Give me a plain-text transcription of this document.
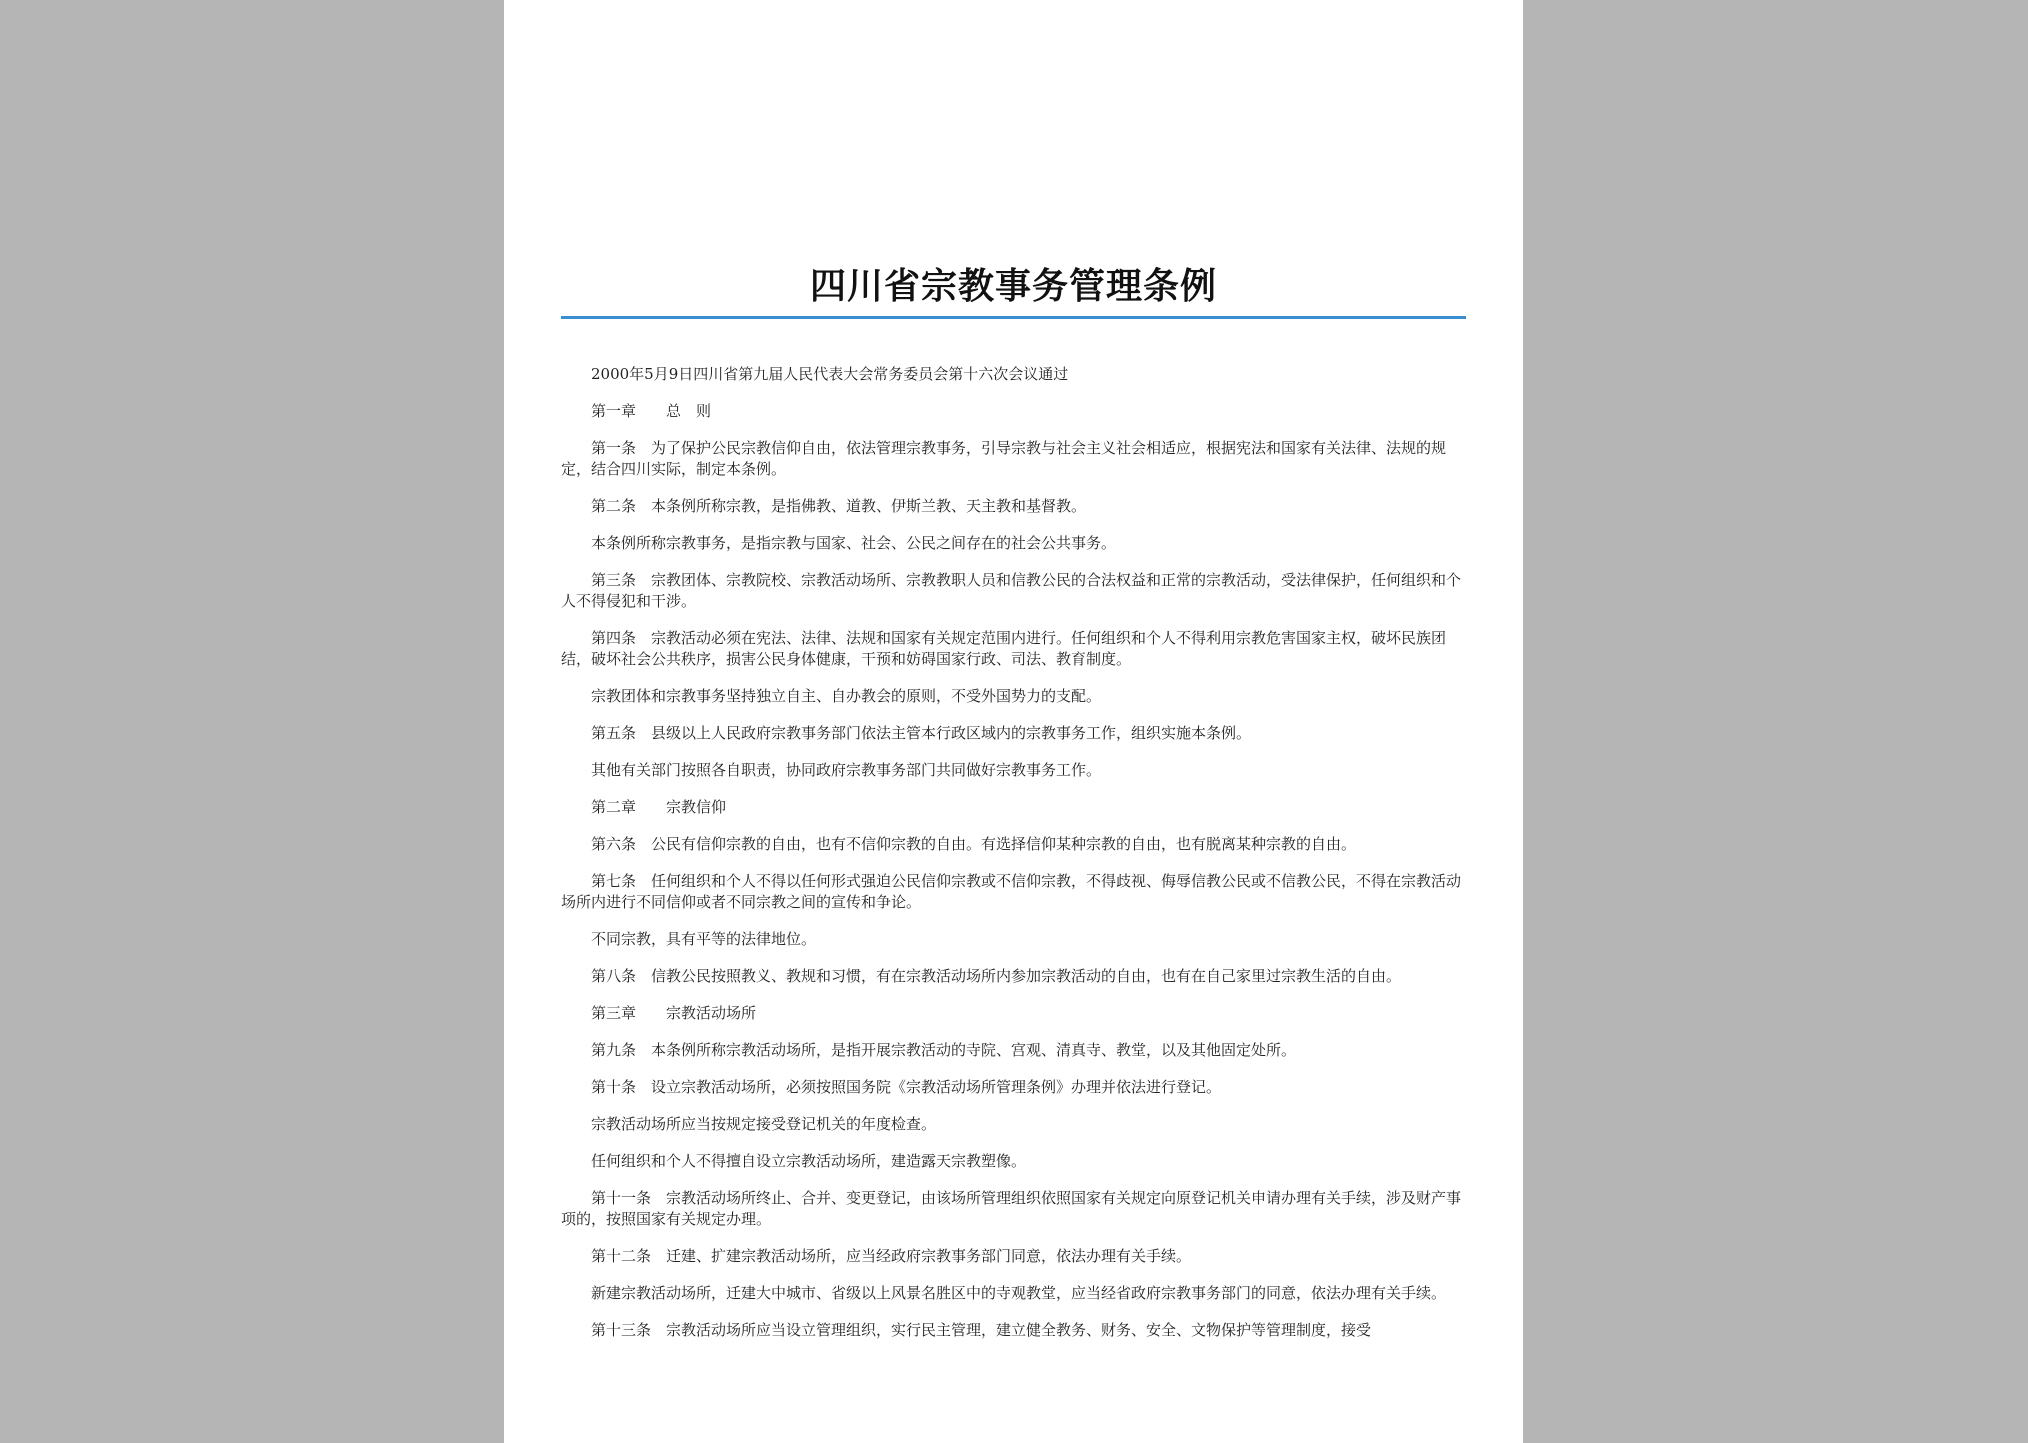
四川省宗教事务管理条例

2000年5月9日四川省第九届人民代表大会常务委员会第十六次会议通过

第一章 总　则

第一条 为了保护公民宗教信仰自由，依法管理宗教事务，引导宗教与社会主义社会相适应，根据宪法和国家有关法律、法规的规定，结合四川实际，制定本条例。

第二条 本条例所称宗教，是指佛教、道教、伊斯兰教、天主教和基督教。

本条例所称宗教事务，是指宗教与国家、社会、公民之间存在的社会公共事务。

第三条 宗教团体、宗教院校、宗教活动场所、宗教教职人员和信教公民的合法权益和正常的宗教活动，受法律保护，任何组织和个人不得侵犯和干涉。

第四条 宗教活动必须在宪法、法律、法规和国家有关规定范围内进行。任何组织和个人不得利用宗教危害国家主权，破坏民族团结，破坏社会公共秩序，损害公民身体健康，干预和妨碍国家行政、司法、教育制度。

宗教团体和宗教事务坚持独立自主、自办教会的原则，不受外国势力的支配。

第五条 县级以上人民政府宗教事务部门依法主管本行政区域内的宗教事务工作，组织实施本条例。

其他有关部门按照各自职责，协同政府宗教事务部门共同做好宗教事务工作。

第二章 宗教信仰

第六条 公民有信仰宗教的自由，也有不信仰宗教的自由。有选择信仰某种宗教的自由，也有脱离某种宗教的自由。

第七条 任何组织和个人不得以任何形式强迫公民信仰宗教或不信仰宗教，不得歧视、侮辱信教公民或不信教公民，不得在宗教活动场所内进行不同信仰或者不同宗教之间的宣传和争论。

不同宗教，具有平等的法律地位。

第八条 信教公民按照教义、教规和习惯，有在宗教活动场所内参加宗教活动的自由，也有在自己家里过宗教生活的自由。

第三章 宗教活动场所

第九条 本条例所称宗教活动场所，是指开展宗教活动的寺院、宫观、清真寺、教堂，以及其他固定处所。

第十条 设立宗教活动场所，必须按照国务院《宗教活动场所管理条例》办理并依法进行登记。

宗教活动场所应当按规定接受登记机关的年度检查。

任何组织和个人不得擅自设立宗教活动场所，建造露天宗教塑像。

第十一条 宗教活动场所终止、合并、变更登记，由该场所管理组织依照国家有关规定向原登记机关申请办理有关手续，涉及财产事项的，按照国家有关规定办理。

第十二条 迁建、扩建宗教活动场所，应当经政府宗教事务部门同意，依法办理有关手续。

新建宗教活动场所，迁建大中城市、省级以上风景名胜区中的寺观教堂，应当经省政府宗教事务部门的同意，依法办理有关手续。

第十三条 宗教活动场所应当设立管理组织，实行民主管理，建立健全教务、财务、安全、文物保护等管理制度，接受
